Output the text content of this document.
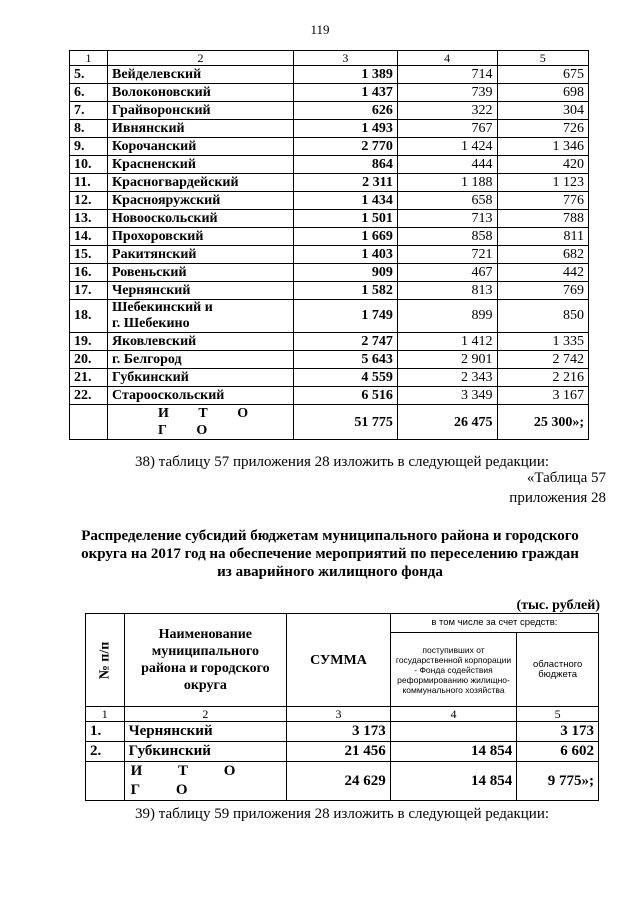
119
1	2	3	4	5
5.	Вейделевский	1 389	714	675
6.	Волоконовский	1 437	739	698
7.	Грайворонский	626	322	304
8.	Ивнянский	1 493	767	726
9.	Корочанский	2 770	1 424	1 346
10.	Красненский	864	444	420
11.	Красногвардейский	2 311	1 188	1 123
12.	Краснояружский	1 434	658	776
13.	Новооскольский	1 501	713	788
14.	Прохоровский	1 669	858	811
15.	Ракитянский	1 403	721	682
16.	Ровеньский	909	467	442
17.	Чернянский	1 582	813	769
18.	Шебекинский и
г. Шебекино	1 749	899	850
19.	Яковлевский	2 747	1 412	1 335
20.	г. Белгород	5 643	2 901	2 742
21.	Губкинский	4 559	2 343	2 216
22.	Старооскольский	6 516	3 349	3 167
	И Т О Г О	51 775	26 475	25 300»;
38) таблицу 57 приложения 28 изложить в следующей редакции:
«Таблица 57
приложения 28
Распределение субсидий бюджетам муниципального района и городского
округа на 2017 год на обеспечение мероприятий по переселению граждан
из аварийного жилищного фонда
(тыс. рублей)
№ п/п	Наименование муниципального района и городского округа	СУММА	в том числе за счет средств:	
			поступивших от государственной корпорации - Фонда содействия реформированию жилищно-коммунального хозяйства	областного бюджета
1	2	3	4	5
1.	Чернянский	3 173		3 173
2.	Губкинский	21 456	14 854	6 602
	И Т О Г О	24 629	14 854	9 775»;
39) таблицу 59 приложения 28 изложить в следующей редакции:
